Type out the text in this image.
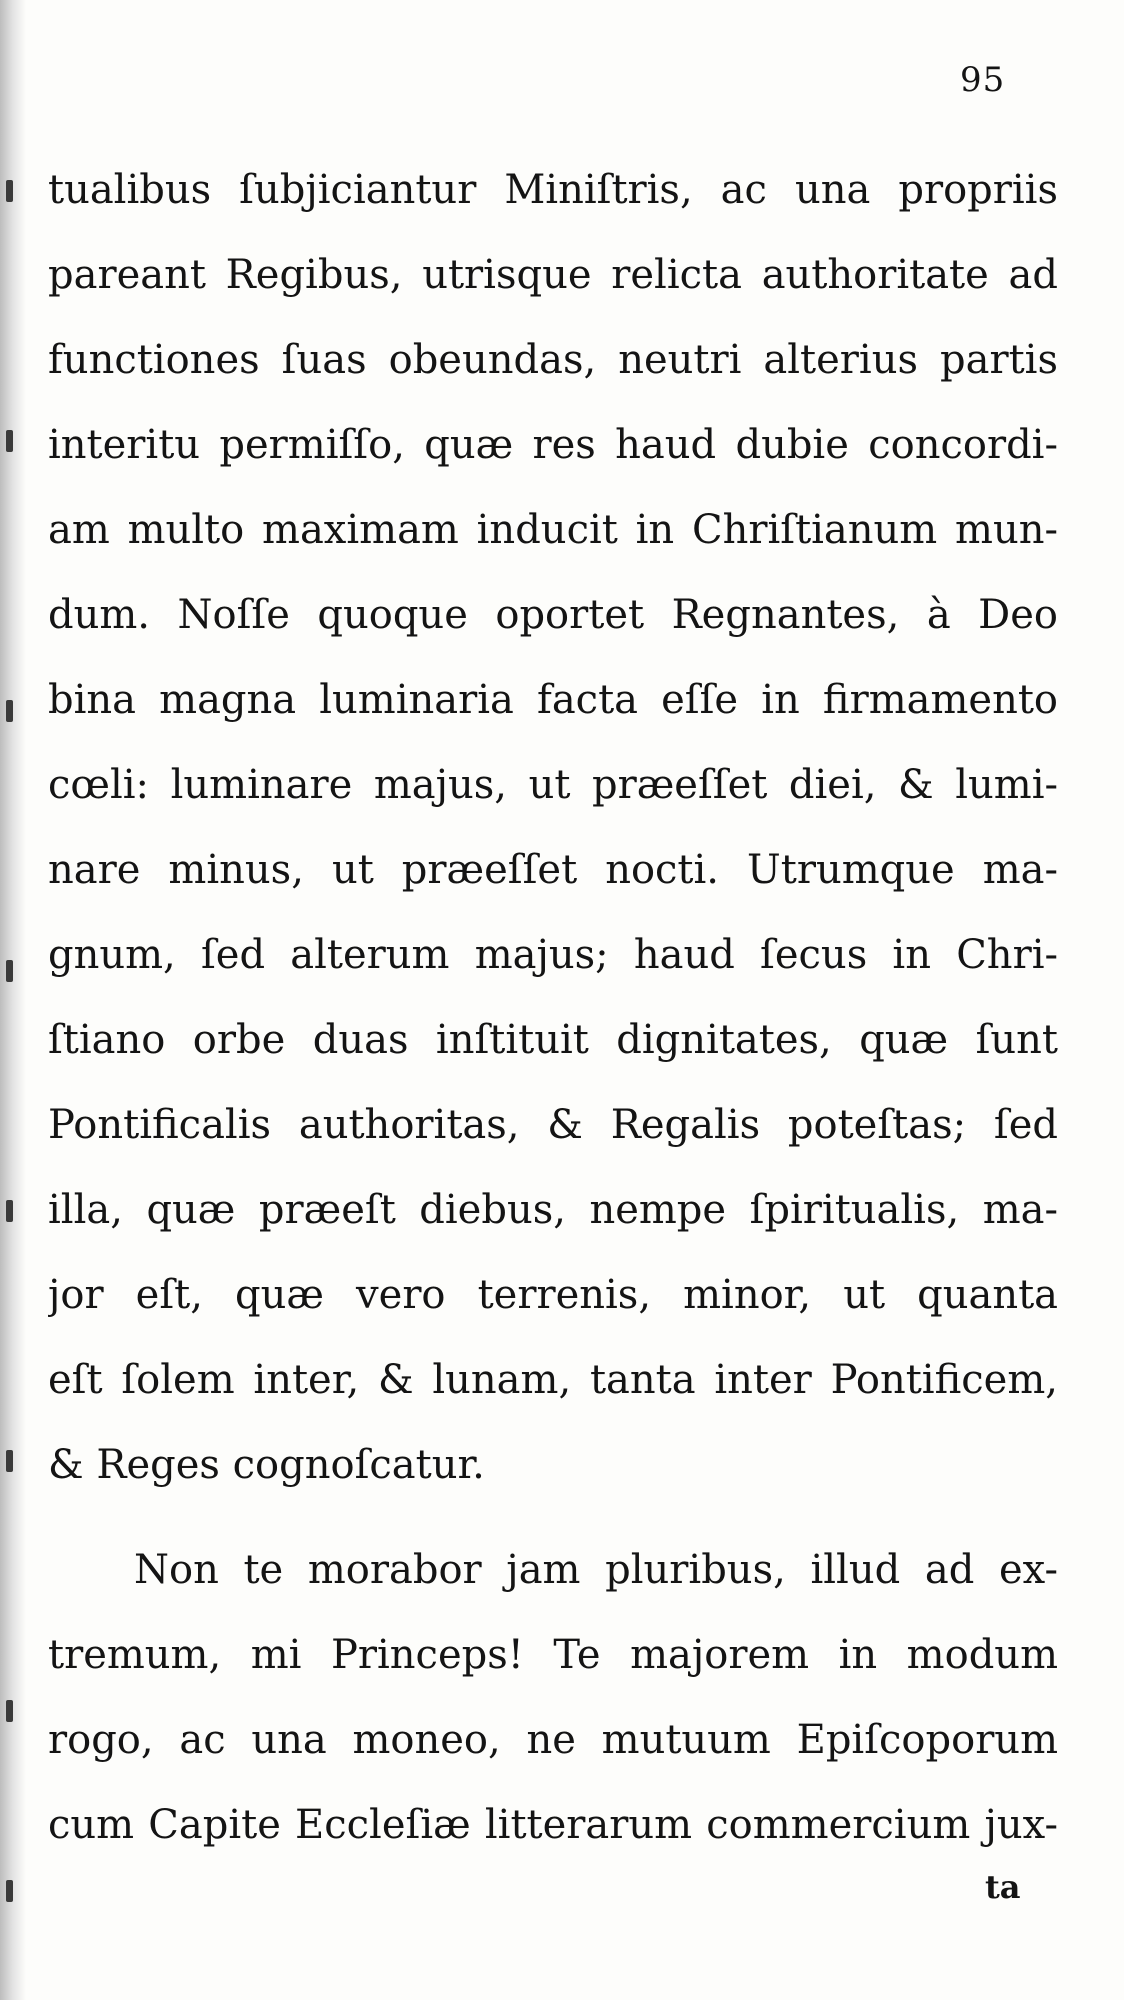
95
tualibus ſubjiciantur Miniſtris, ac una propriis
pareant Regibus, utrisque relicta authoritate ad
functiones ſuas obeundas, neutri alterius partis
interitu permiſſo, quæ res haud dubie concordi-
am multo maximam inducit in Chriſtianum mun-
dum. Noſſe quoque oportet Regnantes, à Deo
bina magna luminaria facta eſſe in firmamento
cœli: luminare majus, ut præeſſet diei, & lumi-
nare minus, ut præeſſet nocti. Utrumque ma-
gnum, ſed alterum majus; haud ſecus in Chri-
ſtiano orbe duas inſtituit dignitates, quæ ſunt
Pontificalis authoritas, & Regalis poteſtas; ſed
illa, quæ præeſt diebus, nempe ſpiritualis, ma-
jor eſt, quæ vero terrenis, minor, ut quanta
eſt ſolem inter, & lunam, tanta inter Pontificem,
& Reges cognoſcatur.
Non te morabor jam pluribus, illud ad ex-
tremum, mi Princeps! Te majorem in modum
rogo, ac una moneo, ne mutuum Epiſcoporum
cum Capite Eccleſiæ litterarum commercium jux-
ta
